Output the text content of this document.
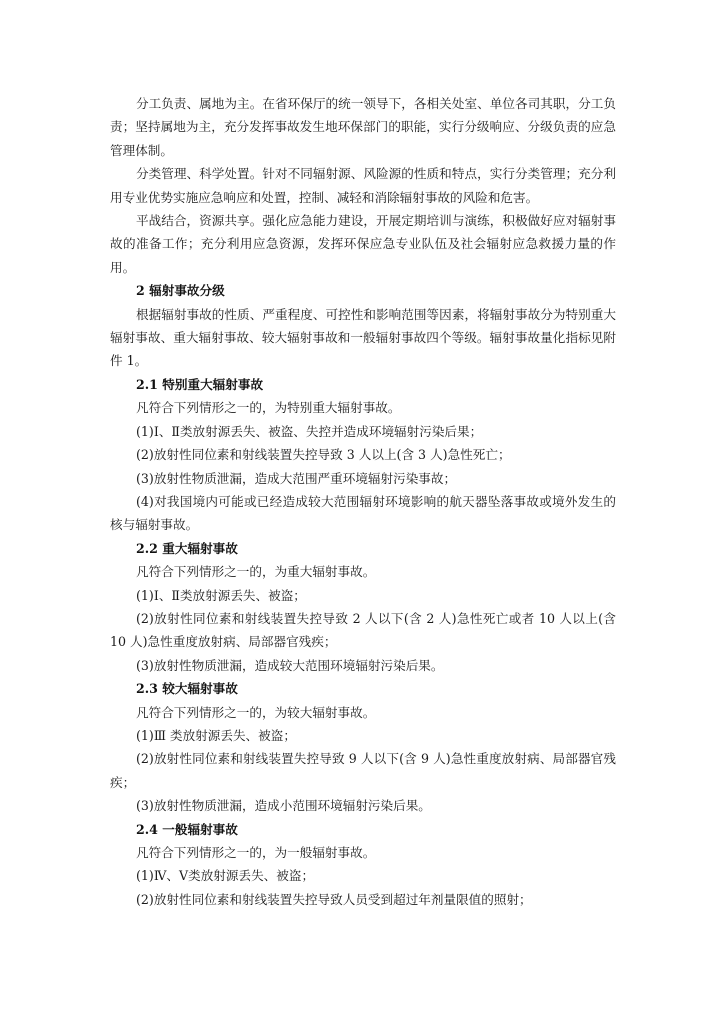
分工负责、属地为主。在省环保厅的统一领导下，各相关处室、单位各司其职，分工负责；坚持属地为主，充分发挥事故发生地环保部门的职能，实行分级响应、分级负责的应急管理体制。

分类管理、科学处置。针对不同辐射源、风险源的性质和特点，实行分类管理；充分利用专业优势实施应急响应和处置，控制、减轻和消除辐射事故的风险和危害。

平战结合，资源共享。强化应急能力建设，开展定期培训与演练，积极做好应对辐射事故的准备工作；充分利用应急资源，发挥环保应急专业队伍及社会辐射应急救援力量的作用。

2 辐射事故分级

根据辐射事故的性质、严重程度、可控性和影响范围等因素，将辐射事故分为特别重大辐射事故、重大辐射事故、较大辐射事故和一般辐射事故四个等级。辐射事故量化指标见附件 1。

2.1 特别重大辐射事故

凡符合下列情形之一的，为特别重大辐射事故。

(1)Ⅰ、Ⅱ类放射源丢失、被盗、失控并造成环境辐射污染后果；

(2)放射性同位素和射线装置失控导致 3 人以上(含 3 人)急性死亡；

(3)放射性物质泄漏，造成大范围严重环境辐射污染事故；

(4)对我国境内可能或已经造成较大范围辐射环境影响的航天器坠落事故或境外发生的核与辐射事故。

2.2 重大辐射事故

凡符合下列情形之一的，为重大辐射事故。

(1)Ⅰ、Ⅱ类放射源丢失、被盗；

(2)放射性同位素和射线装置失控导致 2 人以下(含 2 人)急性死亡或者 10 人以上(含 10 人)急性重度放射病、局部器官残疾；

(3)放射性物质泄漏，造成较大范围环境辐射污染后果。

2.3 较大辐射事故

凡符合下列情形之一的，为较大辐射事故。

(1)Ⅲ 类放射源丢失、被盗；

(2)放射性同位素和射线装置失控导致 9 人以下(含 9 人)急性重度放射病、局部器官残疾；

(3)放射性物质泄漏，造成小范围环境辐射污染后果。

2.4 一般辐射事故

凡符合下列情形之一的，为一般辐射事故。

(1)Ⅳ、Ⅴ类放射源丢失、被盗；

(2)放射性同位素和射线装置失控导致人员受到超过年剂量限值的照射；
